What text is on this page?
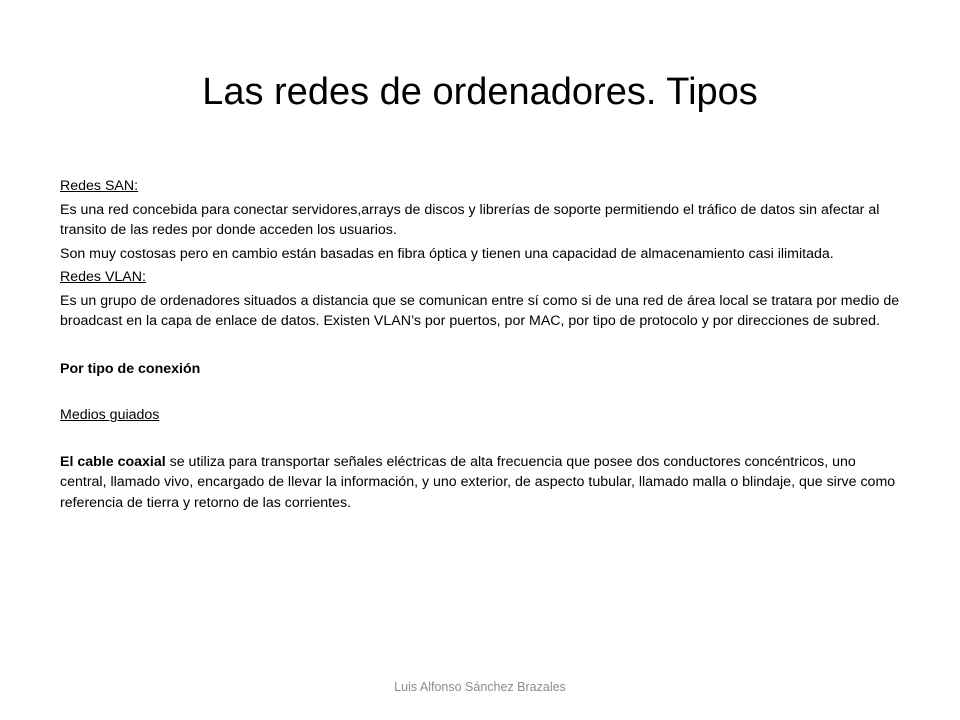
Las redes de ordenadores. Tipos

Redes SAN:

Es una red concebida para conectar servidores,arrays de discos y librerías de soporte permitiendo el tráfico de datos sin afectar al transito de las redes por donde acceden los usuarios.

Son muy costosas pero en cambio están basadas en fibra óptica y tienen una capacidad de almacenamiento casi ilimitada.

Redes VLAN:

Es un grupo de ordenadores situados a distancia que se comunican entre sí como si de una red de área local se tratara por medio de broadcast en la capa de enlace de datos. Existen VLAN’s por puertos, por MAC, por tipo de protocolo y por direcciones de subred.

Por tipo de conexión

Medios guiados

El cable coaxial se utiliza para transportar señales eléctricas de alta frecuencia que posee dos conductores concéntricos, uno central, llamado vivo, encargado de llevar la información, y uno exterior, de aspecto tubular, llamado malla o blindaje, que sirve como referencia de tierra y retorno de las corrientes.

Luis Alfonso Sánchez Brazales
